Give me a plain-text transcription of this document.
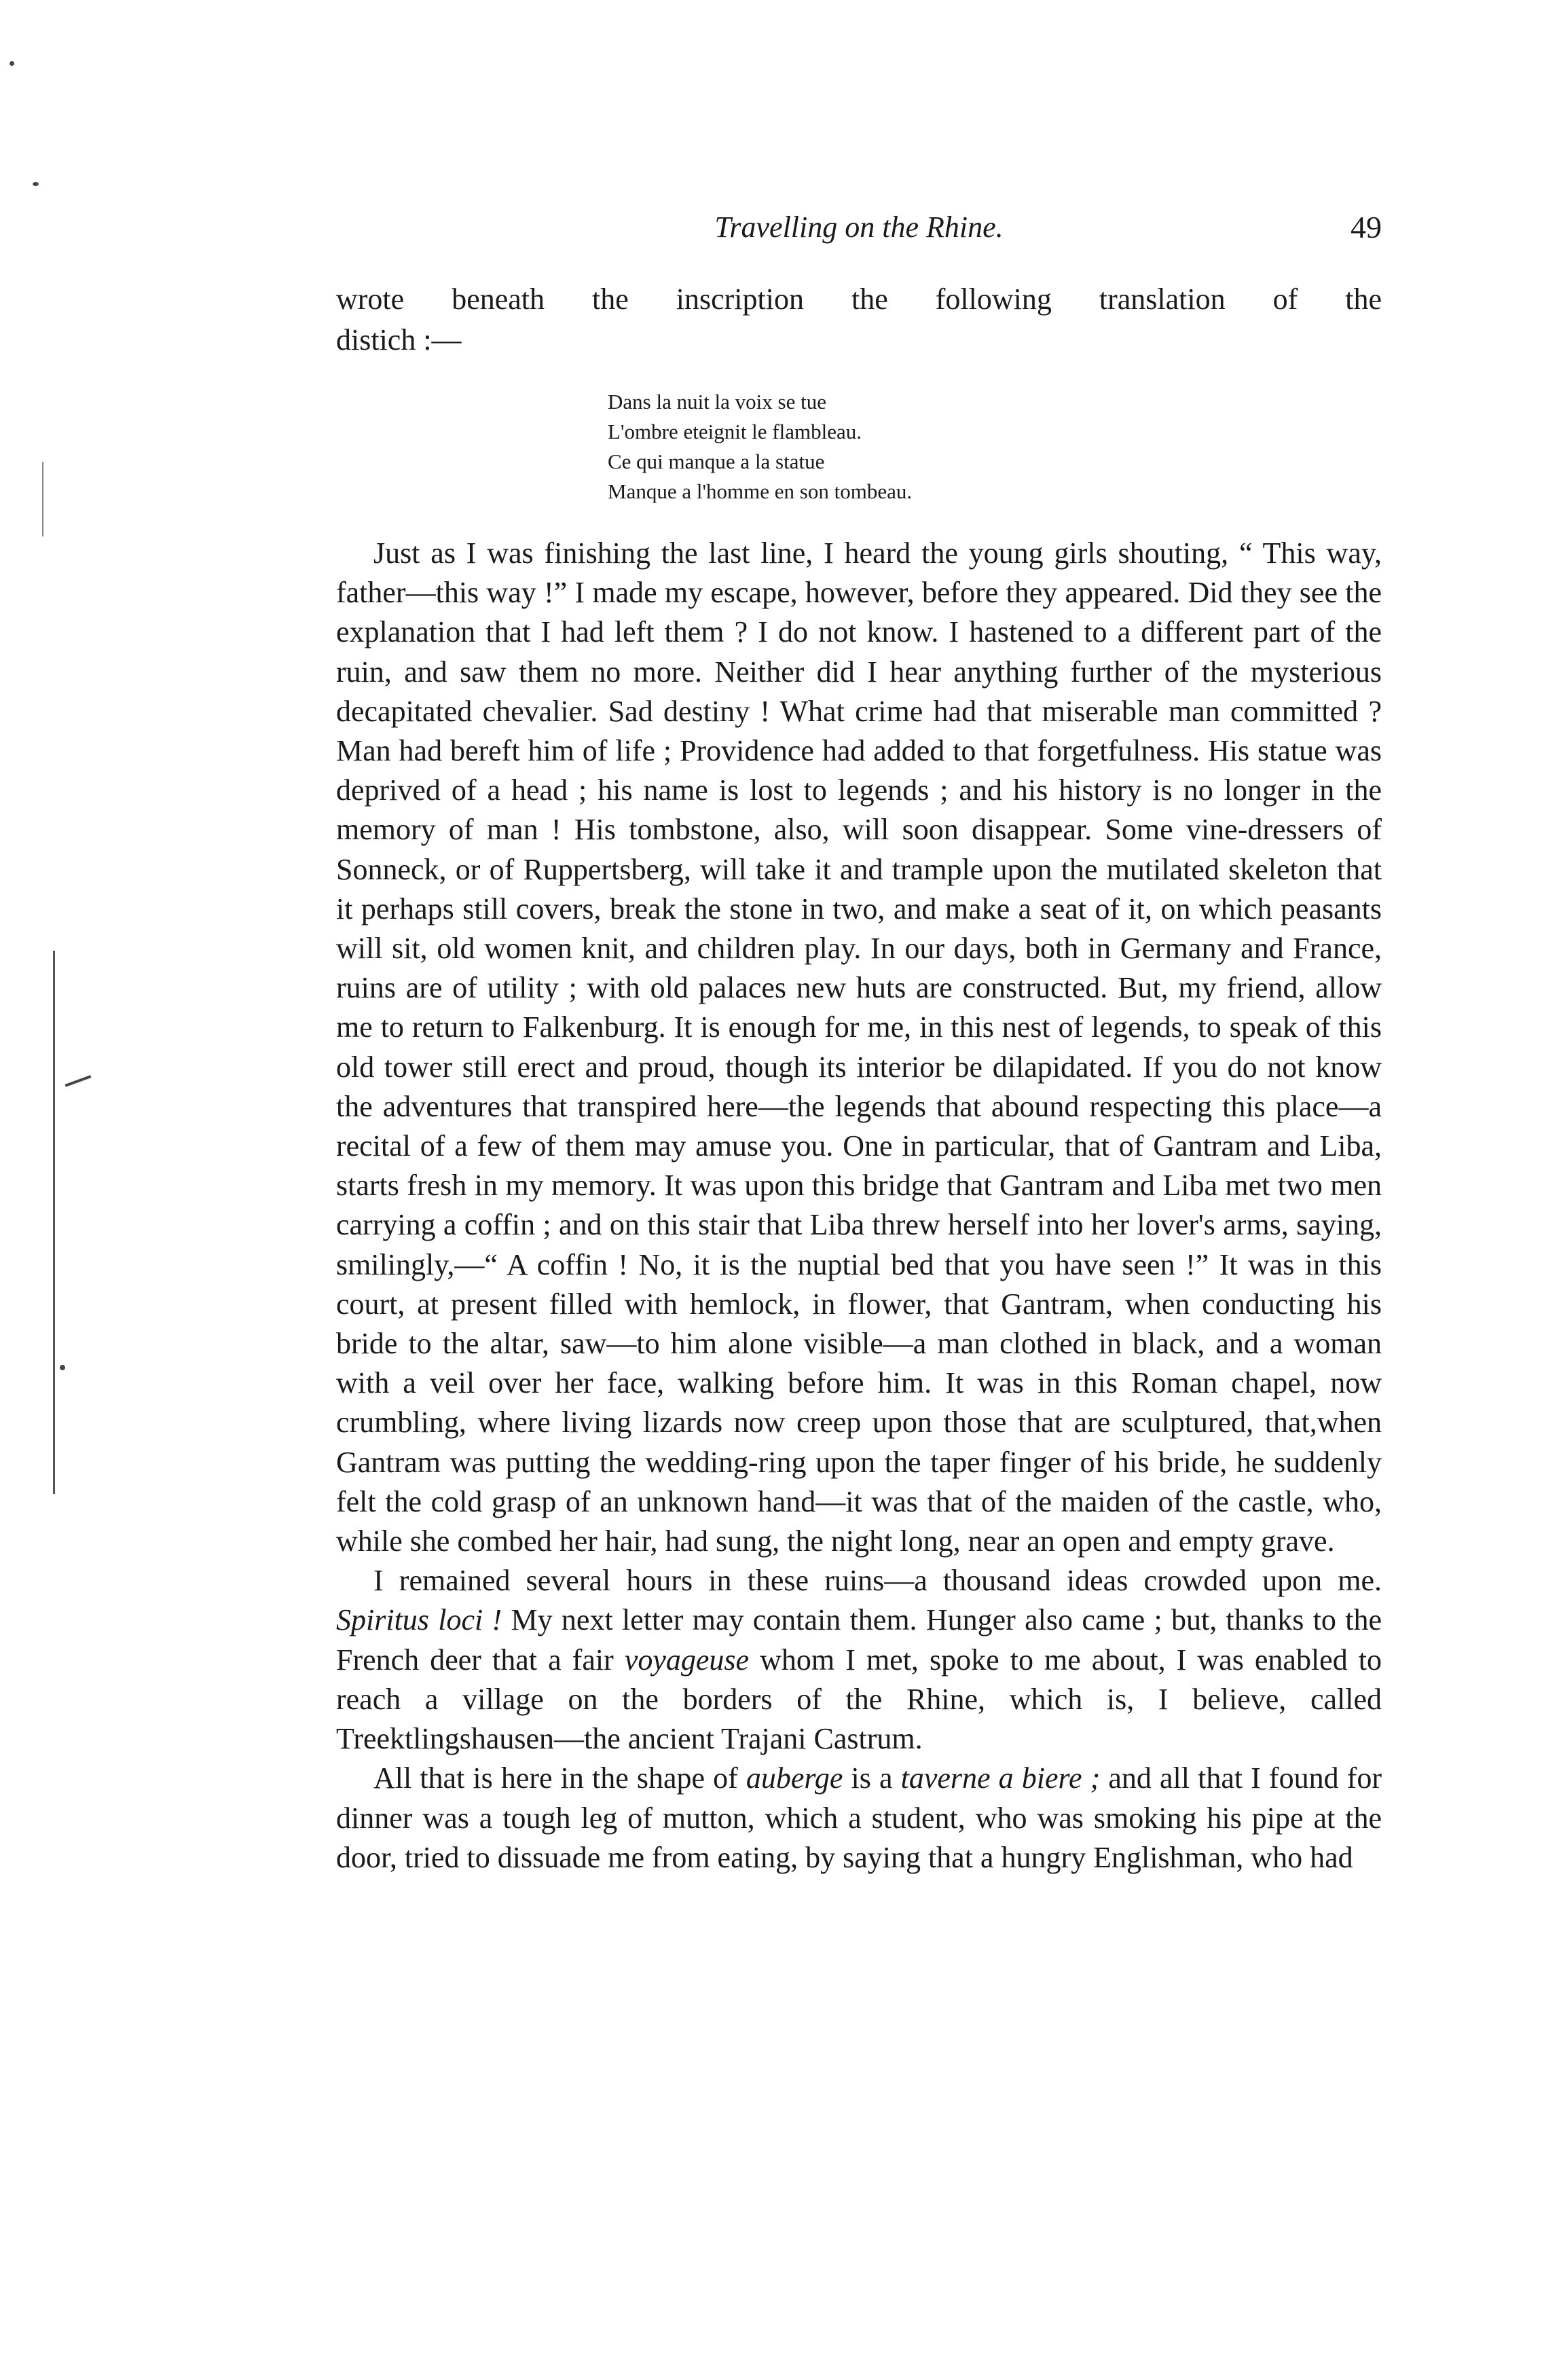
Travelling on the Rhine.	49
wrote beneath the inscription the following translation of the
distich :—
Dans la nuit la voix se tue
L'ombre eteignit le flambleau.
Ce qui manque a la statue
Manque a l'homme en son tombeau.

Just as I was finishing the last line, I heard the young girls shouting, “ This way, father—this way !” I made my escape, however, before they appeared. Did they see the explanation that I had left them ? I do not know. I hastened to a different part of the ruin, and saw them no more. Neither did I hear anything further of the mysterious decapitated chevalier. Sad destiny ! What crime had that miserable man committed ? Man had bereft him of life ; Providence had added to that forgetfulness. His statue was deprived of a head ; his name is lost to legends ; and his history is no longer in the memory of man ! His tombstone, also, will soon disappear. Some vine-dressers of Sonneck, or of Ruppertsberg, will take it and trample upon the mutilated skeleton that it perhaps still covers, break the stone in two, and make a seat of it, on which peasants will sit, old women knit, and children play. In our days, both in Germany and France, ruins are of utility ; with old palaces new huts are constructed. But, my friend, allow me to return to Falkenburg. It is enough for me, in this nest of legends, to speak of this old tower still erect and proud, though its interior be dilapidated. If you do not know the adventures that transpired here—the legends that abound respecting this place—a recital of a few of them may amuse you. One in particular, that of Gantram and Liba, starts fresh in my memory. It was upon this bridge that Gantram and Liba met two men carrying a coffin ; and on this stair that Liba threw herself into her lover's arms, saying, smilingly,—“ A coffin ! No, it is the nuptial bed that you have seen !” It was in this court, at present filled with hemlock, in flower, that Gantram, when conducting his bride to the altar, saw—to him alone visible—a man clothed in black, and a woman with a veil over her face, walking before him. It was in this Roman chapel, now crumbling, where living lizards now creep upon those that are sculptured, that,when Gantram was putting the wedding-ring upon the taper finger of his bride, he suddenly felt the cold grasp of an unknown hand—it was that of the maiden of the castle, who, while she combed her hair, had sung, the night long, near an open and empty grave.

I remained several hours in these ruins—a thousand ideas crowded upon me. Spiritus loci ! My next letter may contain them. Hunger also came ; but, thanks to the French deer that a fair voyageuse whom I met, spoke to me about, I was enabled to reach a village on the borders of the Rhine, which is, I believe, called Treektlingshausen—the ancient Trajani Castrum.

All that is here in the shape of auberge is a taverne a biere ; and all that I found for dinner was a tough leg of mutton, which a student, who was smoking his pipe at the door, tried to dissuade me from eating, by saying that a hungry Englishman, who had
